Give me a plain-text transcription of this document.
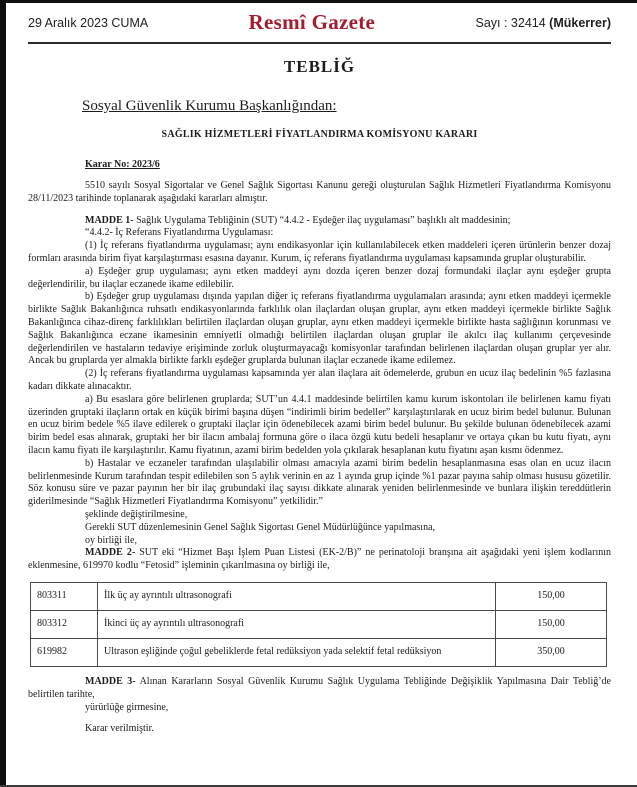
29 Aralık 2023 CUMA	Resmî Gazete	Sayı : 32414 (Mükerrer)
TEBLİĞ
Sosyal Güvenlik Kurumu Başkanlığından:
SAĞLIK HİZMETLERİ FİYATLANDIRMA KOMİSYONU KARARI
Karar No: 2023/6

5510 sayılı Sosyal Sigortalar ve Genel Sağlık Sigortası Kanunu gereği oluşturulan Sağlık Hizmetleri Fiyatlandırma Komisyonu 28/11/2023 tarihinde toplanarak aşağıdaki kararları almıştır.

MADDE 1- Sağlık Uygulama Tebliğinin (SUT) “4.4.2 - Eşdeğer ilaç uygulaması” başlıklı alt maddesinin;

“4.4.2- İç Referans Fiyatlandırma Uygulaması:

(1) İç referans fiyatlandırma uygulaması; aynı endikasyonlar için kullanılabilecek etken maddeleri içeren ürünlerin benzer dozaj formları arasında birim fiyat karşılaştırması esasına dayanır. Kurum, iç referans fiyatlandırma uygulaması kapsamında gruplar oluşturabilir.

a) Eşdeğer grup uygulaması; aynı etken maddeyi aynı dozda içeren benzer dozaj formundaki ilaçlar aynı eşdeğer grupta değerlendirilir, bu ilaçlar eczanede ikame edilebilir.

b) Eşdeğer grup uygulaması dışında yapılan diğer iç referans fiyatlandırma uygulamaları arasında; aynı etken maddeyi içermekle birlikte Sağlık Bakanlığınca ruhsatlı endikasyonlarında farklılık olan ilaçlardan oluşan gruplar, aynı etken maddeyi içermekle birlikte Sağlık Bakanlığınca cihaz-direnç farklılıkları belirtilen ilaçlardan oluşan gruplar, aynı etken maddeyi içermekle birlikte hasta sağlığının korunması ve Sağlık Bakanlığınca eczane ikamesinin emniyetli olmadığı belirtilen ilaçlardan oluşan gruplar ile akılcı ilaç kullanımı çerçevesinde değerlendirilen ve hastaların tedaviye erişiminde zorluk oluşturmayacağı komisyonlar tarafından belirlenen ilaçlardan oluşan gruplar yer alır. Ancak bu gruplarda yer almakla birlikte farklı eşdeğer gruplarda bulunan ilaçlar eczanede ikame edilemez.

(2) İç referans fiyatlandırma uygulaması kapsamında yer alan ilaçlara ait ödemelerde, grubun en ucuz ilaç bedelinin %5 fazlasına kadarı dikkate alınacaktır.

a) Bu esaslara göre belirlenen gruplarda; SUT’un 4.4.1 maddesinde belirtilen kamu kurum iskontoları ile belirlenen kamu fiyatı üzerinden gruptaki ilaçların ortak en küçük birimi başına düşen “indirimli birim bedeller” karşılaştırılarak en ucuz birim bedel bulunur. Bulunan en ucuz birim bedele %5 ilave edilerek o gruptaki ilaçlar için ödenebilecek azami birim bedel bulunur. Bu şekilde bulunan ödenebilecek azami birim bedel esas alınarak, gruptaki her bir ilacın ambalaj formuna göre o ilaca özgü kutu bedeli hesaplanır ve ortaya çıkan bu kutu fiyatı, aynı ilacın kamu fiyatı ile karşılaştırılır. Kamu fiyatının, azami birim bedelden yola çıkılarak hesaplanan kutu fiyatını aşan kısmı ödenmez.

b) Hastalar ve eczaneler tarafından ulaşılabilir olması amacıyla azami birim bedelin hesaplanmasına esas olan en ucuz ilacın belirlenmesinde Kurum tarafından tespit edilebilen son 5 aylık verinin en az 1 ayında grup içinde %1 pazar payına sahip olması hususu gözetilir. Söz konusu süre ve pazar payının her bir ilaç grubundaki ilaç sayısı dikkate alınarak yeniden belirlenmesinde ve bunlara ilişkin tereddütlerin giderilmesinde “Sağlık Hizmetleri Fiyatlandırma Komisyonu” yetkilidir.”

şeklinde değiştirilmesine,

Gerekli SUT düzenlemesinin Genel Sağlık Sigortası Genel Müdürlüğünce yapılmasına,

oy birliği ile,

MADDE 2- SUT eki “Hizmet Başı İşlem Puan Listesi (EK-2/B)” ne perinatoloji branşına ait aşağıdaki yeni işlem kodlarının eklenmesine, 619970 kodlu “Fetosid” işleminin çıkarılmasına oy birliği ile,

803311	İlk üç ay ayrıntılı ultrasonografi	150,00
803312	İkinci üç ay ayrıntılı ultrasonografi	150,00
619982	Ultrason eşliğinde çoğul gebeliklerde fetal redüksiyon yada selektif fetal redüksiyon	350,00

MADDE 3- Alınan Kararların Sosyal Güvenlik Kurumu Sağlık Uygulama Tebliğinde Değişiklik Yapılmasına Dair Tebliğ’de belirtilen tarihte,

yürürlüğe girmesine,

Karar verilmiştir.
